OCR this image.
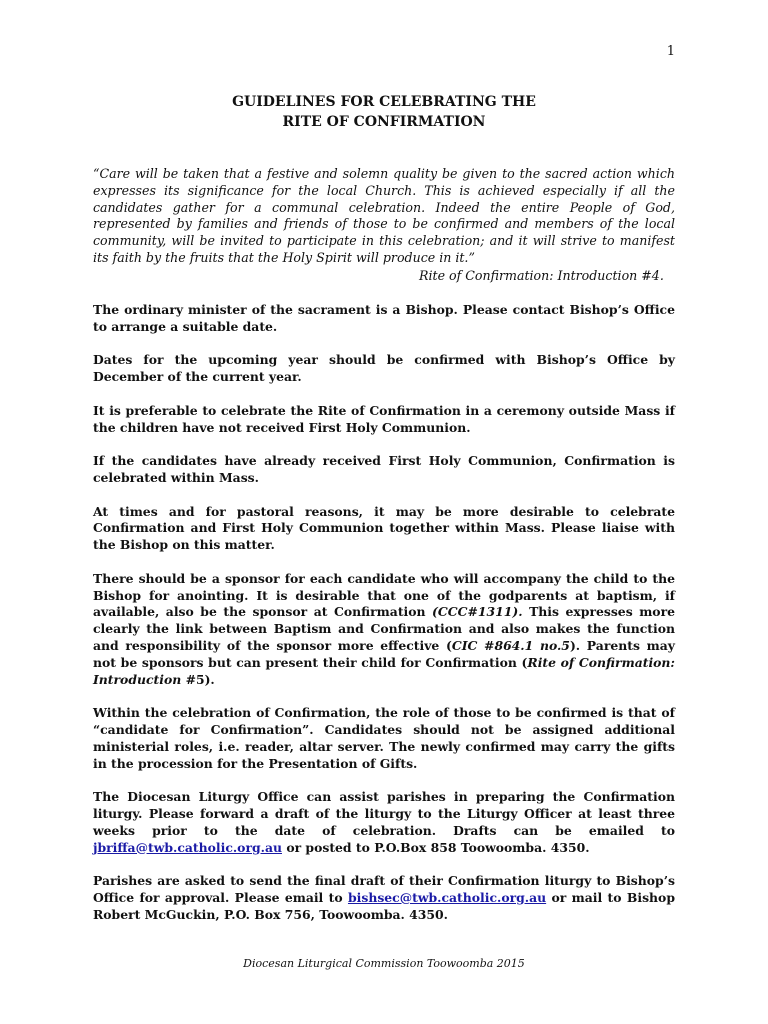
1
GUIDELINES FOR CELEBRATING THE
RITE OF CONFIRMATION
“Care will be taken that a festive and solemn quality be given to the sacred action which expresses its significance for the local Church. This is achieved especially if all the candidates gather for a communal celebration. Indeed the entire People of God, represented by families and friends of those to be confirmed and members of the local community, will be invited to participate in this celebration; and it will strive to manifest its faith by the fruits that the Holy Spirit will produce in it.”
Rite of Confirmation: Introduction #4.

The ordinary minister of the sacrament is a Bishop. Please contact Bishop’s Office to arrange a suitable date.

Dates for the upcoming year should be confirmed with Bishop’s Office by December of the current year.

It is preferable to celebrate the Rite of Confirmation in a ceremony outside Mass if the children have not received First Holy Communion.

If the candidates have already received First Holy Communion, Confirmation is celebrated within Mass.

At times and for pastoral reasons, it may be more desirable to celebrate Confirmation and First Holy Communion together within Mass. Please liaise with the Bishop on this matter.

There should be a sponsor for each candidate who will accompany the child to the Bishop for anointing. It is desirable that one of the godparents at baptism, if available, also be the sponsor at Confirmation (CCC#1311). This expresses more clearly the link between Baptism and Confirmation and also makes the function and responsibility of the sponsor more effective (CIC #864.1 no.5). Parents may not be sponsors but can present their child for Confirmation (Rite of Confirmation: Introduction #5).

Within the celebration of Confirmation, the role of those to be confirmed is that of “candidate for Confirmation”. Candidates should not be assigned additional ministerial roles, i.e. reader, altar server. The newly confirmed may carry the gifts in the procession for the Presentation of Gifts.

The Diocesan Liturgy Office can assist parishes in preparing the Confirmation liturgy. Please forward a draft of the liturgy to the Liturgy Officer at least three weeks prior to the date of celebration. Drafts can be emailed to jbriffa@twb.catholic.org.au or posted to P.O.Box 858 Toowoomba. 4350.

Parishes are asked to send the final draft of their Confirmation liturgy to Bishop’s Office for approval. Please email to bishsec@twb.catholic.org.au or mail to Bishop Robert McGuckin, P.O. Box 756, Toowoomba. 4350.

Diocesan Liturgical Commission Toowoomba 2015
